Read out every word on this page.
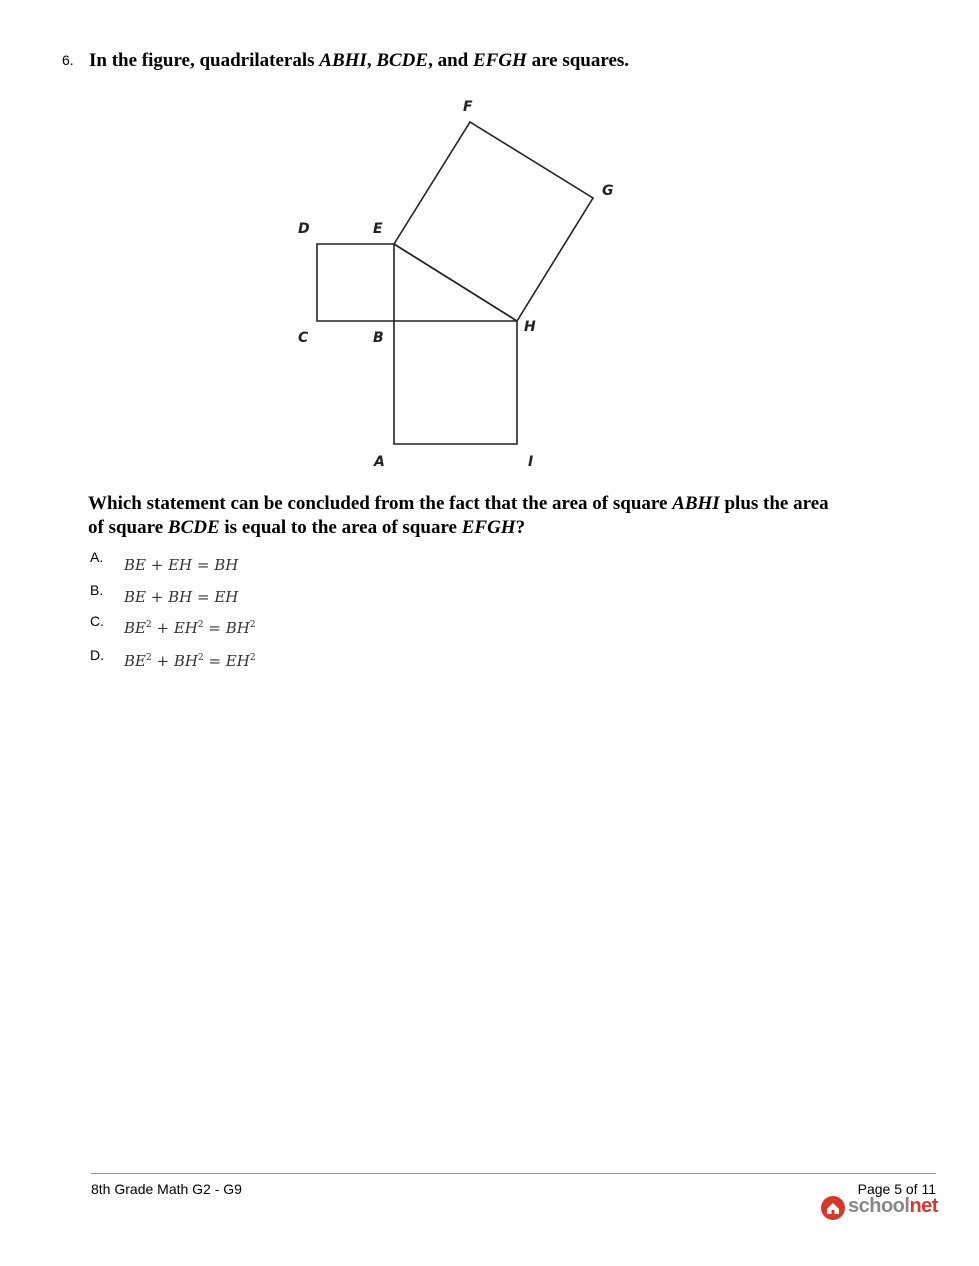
6. In the figure, quadrilaterals ABHI, BCDE, and EFGH are squares.
F
G
D	E
C	B
H
A	I
Which statement can be concluded from the fact that the area of square ABHI plus the area of square BCDE is equal to the area of square EFGH?
A. BE + EH = BH
B. BE + BH = EH
C. $BE^2 + EH^2 = BH^2$
D. $BE^2 + BH^2 = EH^2$
8th Grade Math G2 - G9	Page 5 of 11
schoolnet
